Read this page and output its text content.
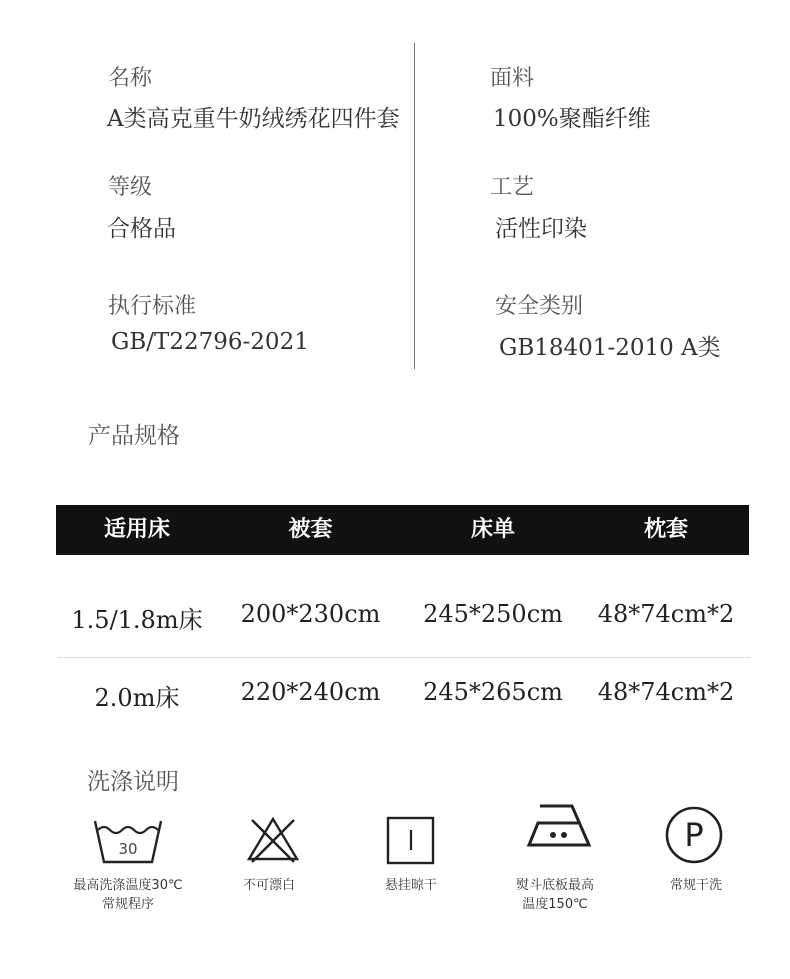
名称
A类高克重牛奶绒绣花四件套
面料
100%聚酯纤维
等级
合格品
工艺
活性印染
执行标准
GB/T22796-2021
安全类别
GB18401-2010 A类
产品规格
适用床	被套	床单	枕套
1.5/1.8m床	200*230cm	245*250cm	48*74cm*2
2.0m床	220*240cm	245*265cm	48*74cm*2
洗涤说明
30	P
最高洗涤温度30℃
常规程序
不可漂白	悬挂晾干	熨斗底板最高
温度150℃
常规干洗
